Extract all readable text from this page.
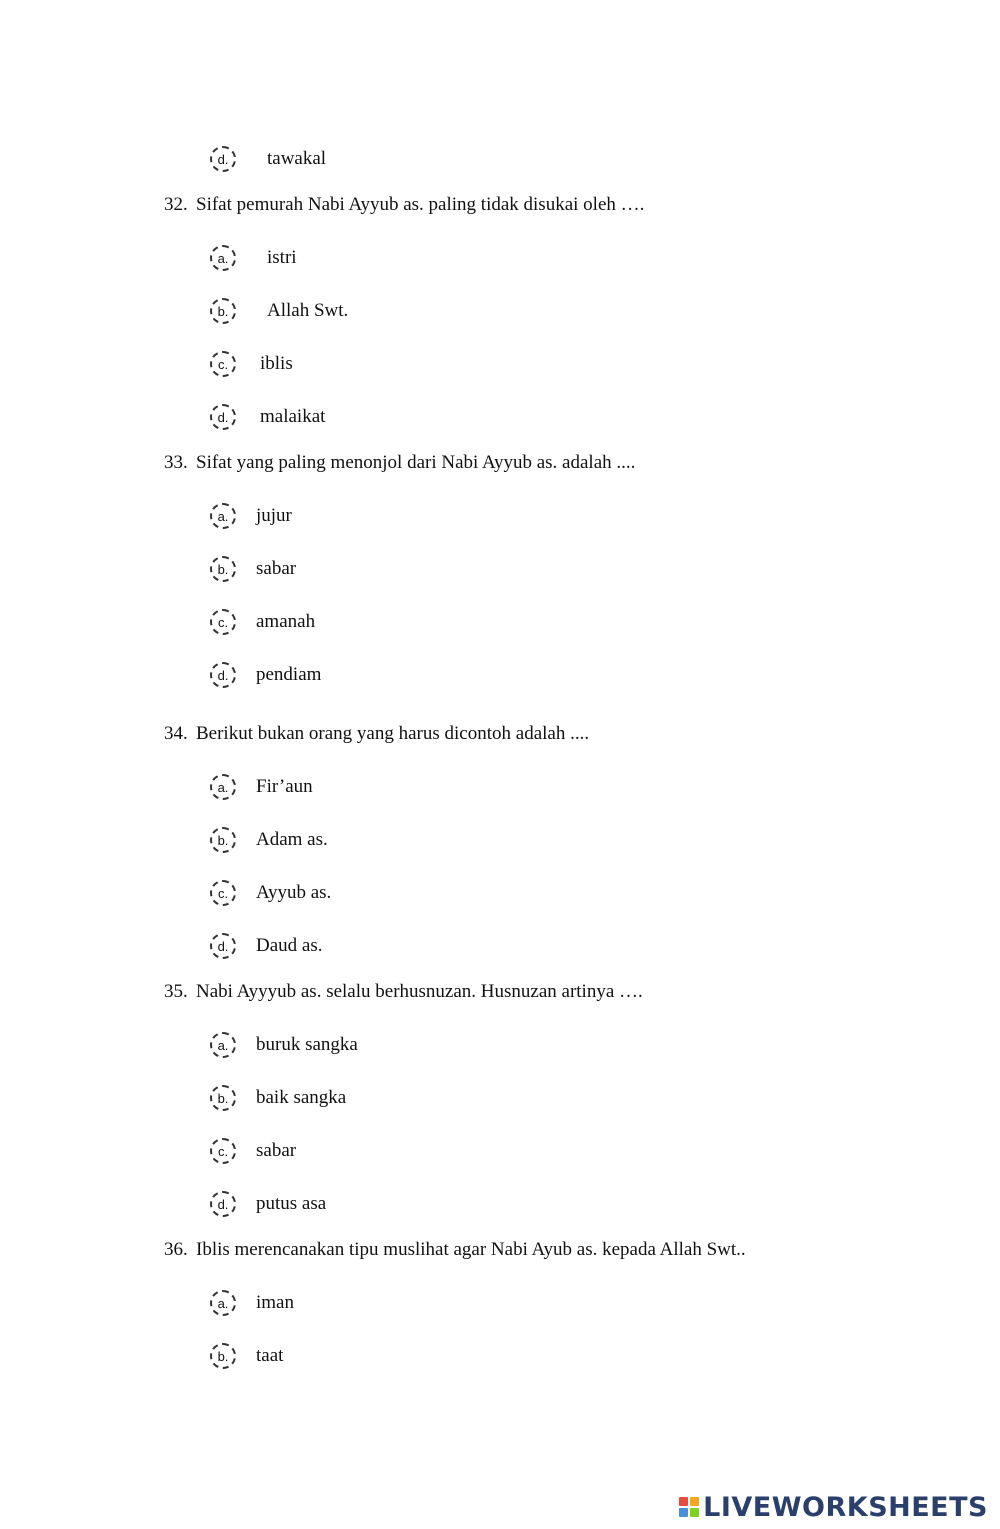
d.	tawakal
32. Sifat pemurah Nabi Ayyub as. paling tidak disukai oleh ….
a.	istri
b.	Allah Swt.
c.	iblis
d.	malaikat
33. Sifat yang paling menonjol dari Nabi Ayyub as. adalah ....
a.	jujur
b.	sabar
c.	amanah
d.	pendiam
34. Berikut bukan orang yang harus dicontoh adalah ....
a.	Fir’aun
b.	Adam as.
c.	Ayyub as.
d.	Daud as.
35. Nabi Ayyyub as. selalu berhusnuzan. Husnuzan artinya ….
a.	buruk sangka
b.	baik sangka
c.	sabar
d.	putus asa
36. Iblis merencanakan tipu muslihat agar Nabi Ayub as. kepada Allah Swt..
a.	iman
b.	taat
LIVEWORKSHEETS
